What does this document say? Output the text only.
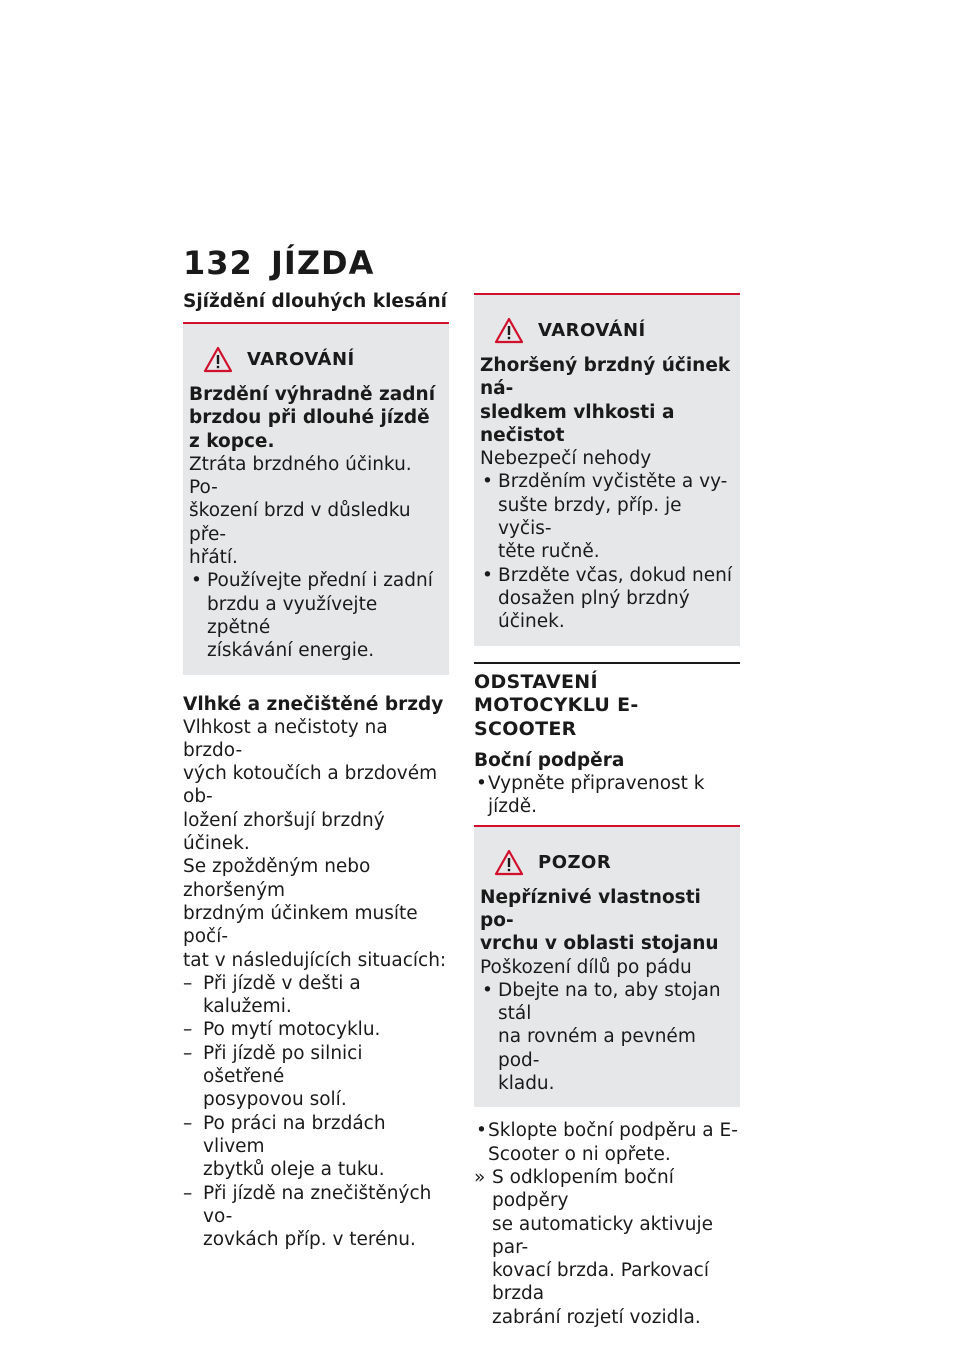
132 JÍZDA
Sjíždění dlouhých klesání
VAROVÁNÍ
Brzdění výhradně zadní
brzdou při dlouhé jízdě
z kopce.
Ztráta brzdného účinku. Po-
škození brzd v důsledku pře-
hřátí.
• Používejte přední i zadní
brzdu a využívejte zpětné
získávání energie.
Vlhké a znečištěné brzdy
Vlhkost a nečistoty na brzdo-
vých kotoučích a brzdovém ob-
ložení zhoršují brzdný účinek.
Se zpožděným nebo zhoršeným
brzdným účinkem musíte počí-
tat v následujících situacích:
– Při jízdě v dešti a kalužemi.
– Po mytí motocyklu.
– Při jízdě po silnici ošetřené
posypovou solí.
– Po práci na brzdách vlivem
zbytků oleje a tuku.
– Při jízdě na znečištěných vo-
zovkách příp. v terénu.
VAROVÁNÍ
Zhoršený brzdný účinek ná-
sledkem vlhkosti a nečistot
Nebezpečí nehody
• Brzděním vyčistěte a vy-
sušte brzdy, příp. je vyčis-
těte ručně.
• Brzděte včas, dokud není
dosažen plný brzdný účinek.
ODSTAVENÍ MOTOCYKLU E-
SCOOTER
Boční podpěra
• Vypněte připravenost k jízdě.
POZOR
Nepříznivé vlastnosti po-
vrchu v oblasti stojanu
Poškození dílů po pádu
• Dbejte na to, aby stojan stál
na rovném a pevném pod-
kladu.
• Sklopte boční podpěru a E-
Scooter o ni opřete.
» S odklopením boční podpěry
se automaticky aktivuje par-
kovací brzda. Parkovací brzda
zabrání rozjetí vozidla.
